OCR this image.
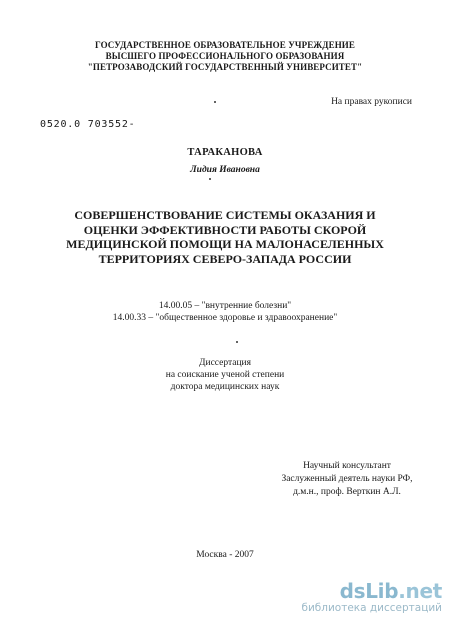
ГОСУДАРСТВЕННОЕ ОБРАЗОВАТЕЛЬНОЕ УЧРЕЖДЕНИЕ
ВЫСШЕГО ПРОФЕССИОНАЛЬНОГО ОБРАЗОВАНИЯ
"ПЕТРОЗАВОДСКИЙ ГОСУДАРСТВЕННЫЙ УНИВЕРСИТЕТ"
На правах рукописи
0520.0 703552-
ТАРАКАНОВА
Лидия Ивановна
СОВЕРШЕНСТВОВАНИЕ СИСТЕМЫ ОКАЗАНИЯ И
ОЦЕНКИ ЭФФЕКТИВНОСТИ РАБОТЫ СКОРОЙ
МЕДИЦИНСКОЙ ПОМОЩИ НА МАЛОНАСЕЛЕННЫХ
ТЕРРИТОРИЯХ СЕВЕРО-ЗАПАДА РОССИИ
14.00.05 – "внутренние болезни"
14.00.33 – "общественное здоровье и здравоохранение"
Диссертация
на соискание ученой степени
доктора медицинских наук
Научный консультант
Заслуженный деятель науки РФ,
д.м.н., проф. Верткин А.Л.
Москва - 2007
dsLib.net
библиотека диссертаций
